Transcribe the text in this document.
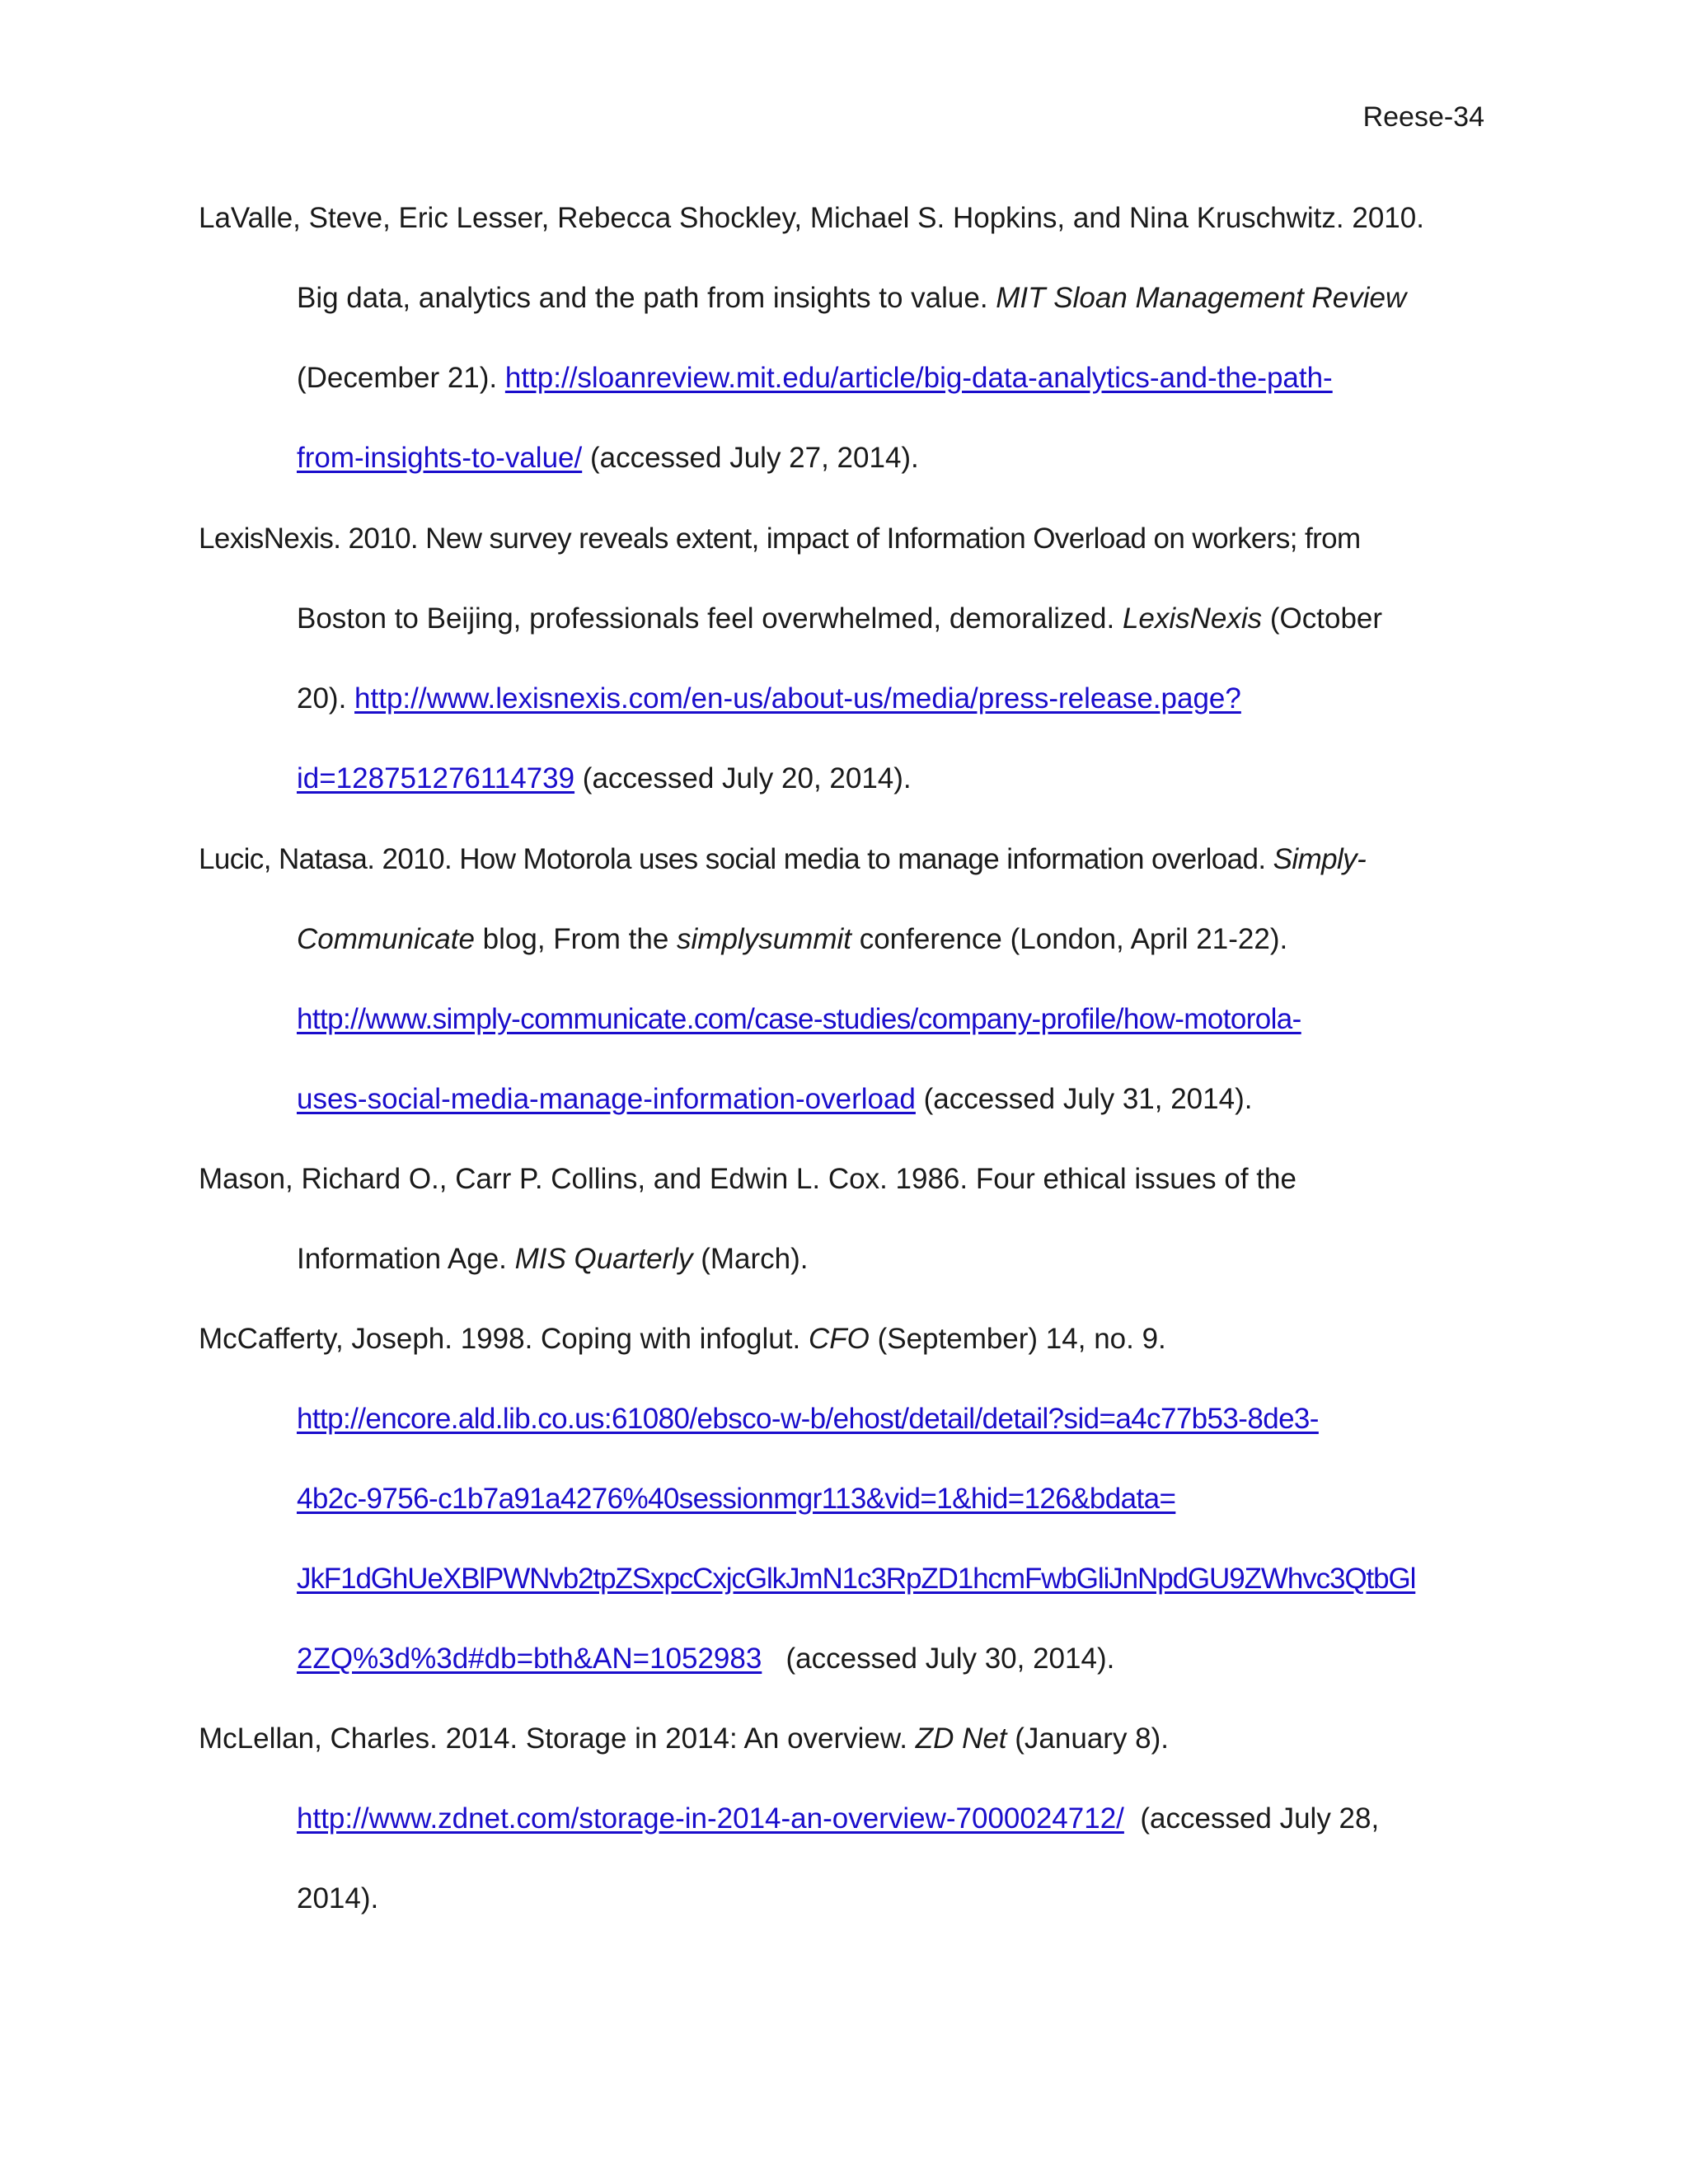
Reese-34
LaValle, Steve, Eric Lesser, Rebecca Shockley, Michael S. Hopkins, and Nina Kruschwitz. 2010.
Big data, analytics and the path from insights to value. MIT Sloan Management Review
(December 21). http://sloanreview.mit.edu/article/big-data-analytics-and-the-path-
from-insights-to-value/ (accessed July 27, 2014).
LexisNexis. 2010. New survey reveals extent, impact of Information Overload on workers; from
Boston to Beijing, professionals feel overwhelmed, demoralized. LexisNexis (October
20). http://www.lexisnexis.com/en-us/about-us/media/press-release.page?
id=128751276114739 (accessed July 20, 2014).
Lucic, Natasa. 2010. How Motorola uses social media to manage information overload. Simply-
Communicate blog, From the simplysummit conference (London, April 21-22).
http://www.simply-communicate.com/case-studies/company-profile/how-motorola-
uses-social-media-manage-information-overload (accessed July 31, 2014).
Mason, Richard O., Carr P. Collins, and Edwin L. Cox. 1986. Four ethical issues of the
Information Age. MIS Quarterly (March).
McCafferty, Joseph. 1998. Coping with infoglut. CFO (September) 14, no. 9.
http://encore.ald.lib.co.us:61080/ebsco-w-b/ehost/detail/detail?sid=a4c77b53-8de3-
4b2c-9756-c1b7a91a4276%40sessionmgr113&vid=1&hid=126&bdata=
JkF1dGhUeXBlPWNvb2tpZSxpcCxjcGlkJmN1c3RpZD1hcmFwbGliJnNpdGU9ZWhvc3QtbGl
2ZQ%3d%3d#db=bth&AN=1052983   (accessed July 30, 2014).
McLellan, Charles. 2014. Storage in 2014: An overview. ZD Net (January 8).
http://www.zdnet.com/storage-in-2014-an-overview-7000024712/  (accessed July 28,
2014).
